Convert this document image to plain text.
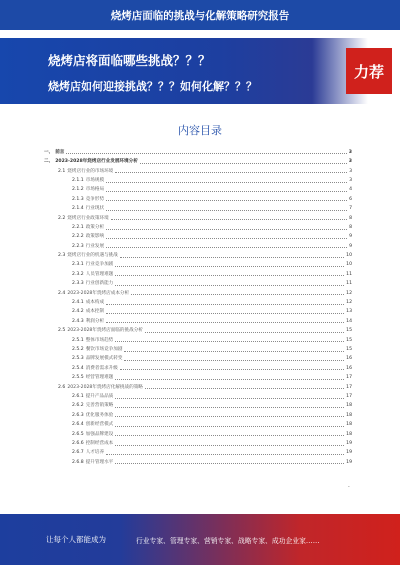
烧烤店面临的挑战与化解策略研究报告
烧烤店将面临哪些挑战？？？
烧烤店如何迎接挑战？？？如何化解？？？
力荐
内容目录
一、 前言	3
二、 2023-2028年烧烤店行业发展环境分析	3
2.1 烧烤店行业的市场环境	3
2.1.1 市场规模	3
2.1.2 市场格局	4
2.1.3 竞争形势	6
2.1.4 行业现状	7
2.2 烧烤店行业政策环境	8
2.2.1 政策分析	8
2.2.2 政策影响	9
2.2.3 行业发展	9
2.3 烧烤店行业的机遇与挑战	10
2.3.1 行业竞争加剧	10
2.3.2 人员管理难题	11
2.3.3 行业创新能力	11
2.4 2023-2028年烧烤店成本分析	12
2.4.1 成本构成	12
2.4.2 成本控制	13
2.4.3 利润分析	14
2.5 2023-2028年烧烤店面临的挑战分析	15
2.5.1 整体市场趋势	15
2.5.2 餐饮市场竞争加剧	15
2.5.3 品牌发展模式转变	16
2.5.4 消费者需求升级	16
2.5.5 经营管理难题	17
2.6 2023-2028年烧烤店化解挑战的策略	17
2.6.1 提升产品品质	17
2.6.2 完善营销策略	18
2.6.3 优化服务体验	18
2.6.4 创新经营模式	18
2.6.5 加强品牌建设	18
2.6.6 控制经营成本	19
2.6.7 人才培养	19
2.6.8 提升管理水平	19
-
让每个人都能成为	行业专家、管理专家、营销专家、战略专家、成功企业家……
